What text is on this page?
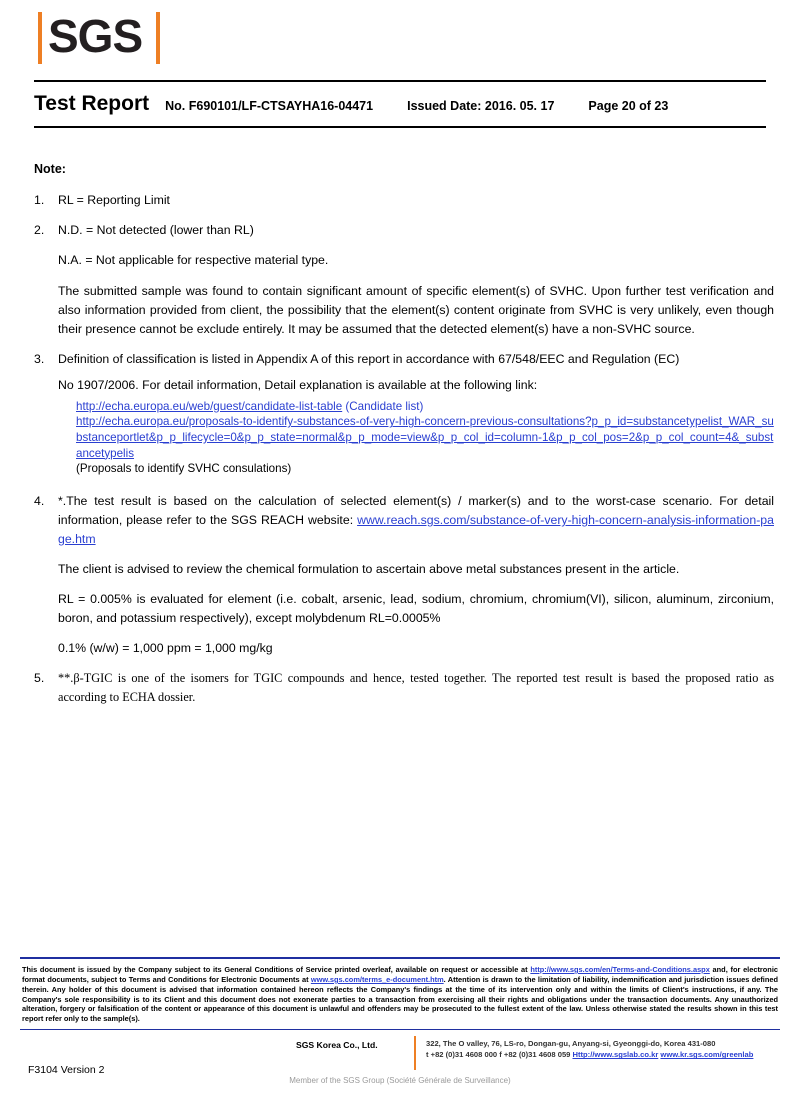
SGS
Test Report No. F690101/LF-CTSAYHA16-04471	Issued Date: 2016. 05. 17	Page 20 of 23
Note:
1.	RL = Reporting Limit
2.	N.D. = Not detected (lower than RL)
N.A. = Not applicable for respective material type.
The submitted sample was found to contain significant amount of specific element(s) of SVHC. Upon further test verification and also information provided from client, the possibility that the element(s) content originate from SVHC is very unlikely, even though their presence cannot be exclude entirely. It may be assumed that the detected element(s) have a non-SVHC source.
3.	Definition of classification is listed in Appendix A of this report in accordance with 67/548/EEC and Regulation (EC)
No 1907/2006. For detail information, Detail explanation is available at the following link:
http://echa.europa.eu/web/guest/candidate-list-table (Candidate list)
http://echa.europa.eu/proposals-to-identify-substances-of-very-high-concern-previous-consultations?p_p_id=substancetypelist_WAR_substanceportlet&p_p_lifecycle=0&p_p_state=normal&p_p_mode=view&p_p_col_id=column-1&p_p_col_pos=2&p_p_col_count=4&_substancetypelis
(Proposals to identify SVHC consulations)
4.	*.The test result is based on the calculation of selected element(s) / marker(s) and to the worst-case scenario. For detail information, please refer to the SGS REACH website: www.reach.sgs.com/substance-of-very-high-concern-analysis-information-page.htm
The client is advised to review the chemical formulation to ascertain above metal substances present in the article.
RL = 0.005% is evaluated for element (i.e. cobalt, arsenic, lead, sodium, chromium, chromium(VI), silicon, aluminum, zirconium, boron, and potassium respectively), except molybdenum RL=0.0005%
0.1% (w/w) = 1,000 ppm = 1,000 mg/kg
5.	**.β-TGIC is one of the isomers for TGIC compounds and hence, tested together. The reported test result is based the proposed ratio as according to ECHA dossier.
This document is issued by the Company subject to its General Conditions of Service printed overleaf, available on request or accessible at http://www.sgs.com/en/Terms-and-Conditions.aspx and, for electronic format documents, subject to Terms and Conditions for Electronic Documents at www.sgs.com/terms_e-document.htm. Attention is drawn to the limitation of liability, indemnification and jurisdiction issues defined therein. Any holder of this document is advised that information contained hereon reflects the Company's findings at the time of its intervention only and within the limits of Client's instructions, if any. The Company's sole responsibility is to its Client and this document does not exonerate parties to a transaction from exercising all their rights and obligations under the transaction documents. Any unauthorized alteration, forgery or falsification of the content or appearance of this document is unlawful and offenders may be prosecuted to the fullest extent of the law. Unless otherwise stated the results shown in this test report refer only to the sample(s).
F3104 Version 2
SGS Korea Co., Ltd.	322, The O valley, 76, LS-ro, Dongan-gu, Anyang-si, Gyeonggi-do, Korea 431-080
t +82 (0)31 4608 000 f +82 (0)31 4608 059 Http://www.sgslab.co.kr www.kr.sgs.com/greenlab
Member of the SGS Group (Société Générale de Surveillance)
